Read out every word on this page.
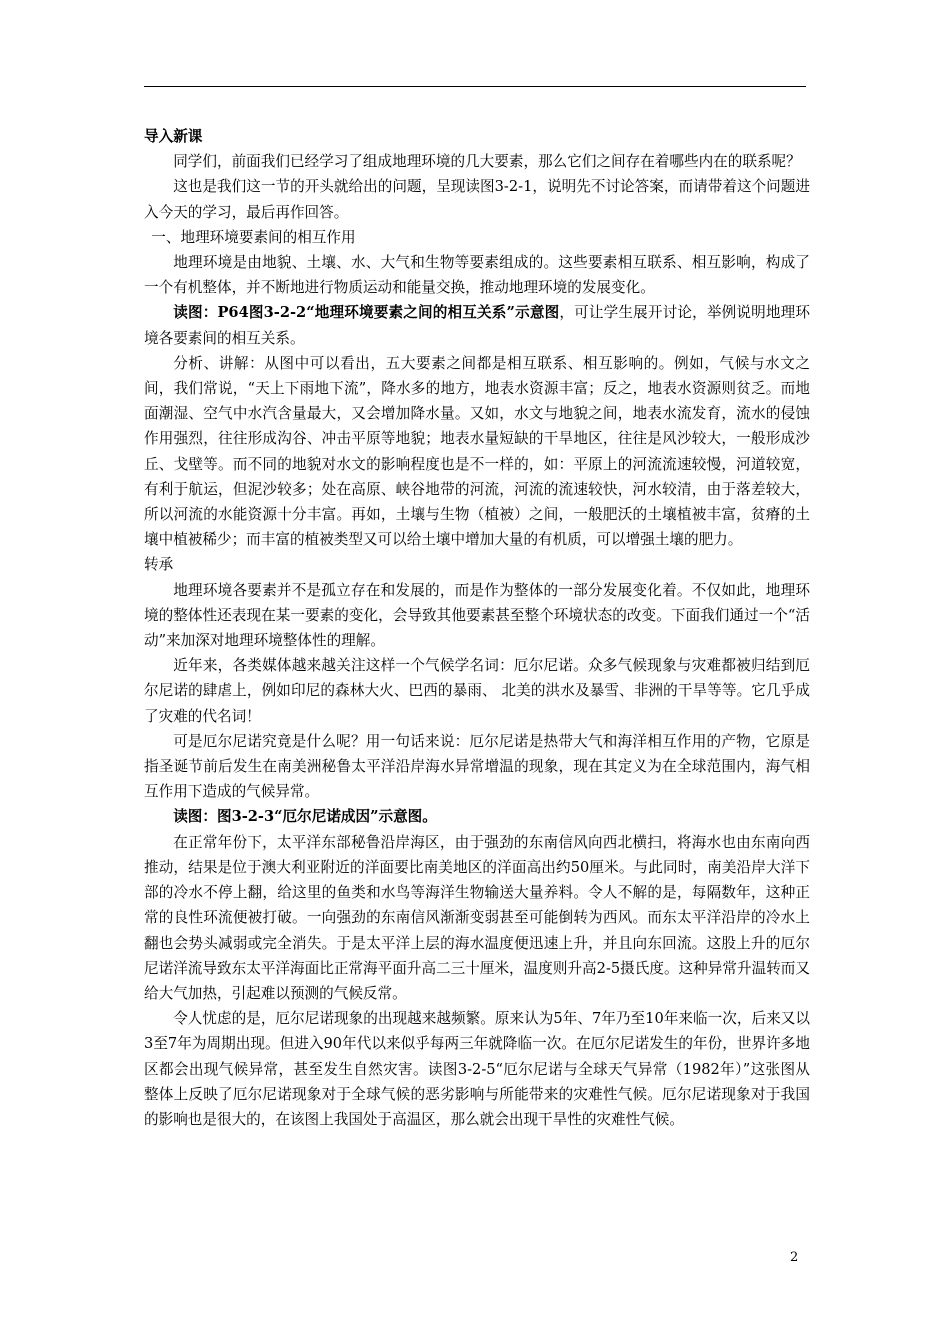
导入新课

同学们，前面我们已经学习了组成地理环境的几大要素，那么它们之间存在着哪些内在的联系呢？

这也是我们这一节的开头就给出的问题，呈现读图3-2-1，说明先不讨论答案，而请带着这个问题进入今天的学习，最后再作回答。

一、地理环境要素间的相互作用

地理环境是由地貌、土壤、水、大气和生物等要素组成的。这些要素相互联系、相互影响，构成了一个有机整体，并不断地进行物质运动和能量交换，推动地理环境的发展变化。

读图：P64图3-2-2“地理环境要素之间的相互关系”示意图，可让学生展开讨论，举例说明地理环境各要素间的相互关系。

分析、讲解：从图中可以看出，五大要素之间都是相互联系、相互影响的。例如，气候与水文之间，我们常说，“天上下雨地下流”，降水多的地方，地表水资源丰富；反之，地表水资源则贫乏。而地面潮湿、空气中水汽含量最大，又会增加降水量。又如，水文与地貌之间，地表水流发育，流水的侵蚀作用强烈，往往形成沟谷、冲击平原等地貌；地表水量短缺的干旱地区，往往是风沙较大，一般形成沙丘、戈壁等。而不同的地貌对水文的影响程度也是不一样的，如：平原上的河流流速较慢，河道较宽，有利于航运，但泥沙较多；处在高原、峡谷地带的河流，河流的流速较快，河水较清，由于落差较大，所以河流的水能资源十分丰富。再如，土壤与生物（植被）之间，一般肥沃的土壤植被丰富，贫瘠的土壤中植被稀少；而丰富的植被类型又可以给土壤中增加大量的有机质，可以增强土壤的肥力。

转承

地理环境各要素并不是孤立存在和发展的，而是作为整体的一部分发展变化着。不仅如此，地理环境的整体性还表现在某一要素的变化，会导致其他要素甚至整个环境状态的改变。下面我们通过一个“活动”来加深对地理环境整体性的理解。

近年来，各类媒体越来越关注这样一个气候学名词：厄尔尼诺。众多气候现象与灾难都被归结到厄尔尼诺的肆虐上，例如印尼的森林大火、巴西的暴雨、 北美的洪水及暴雪、非洲的干旱等等。它几乎成了灾难的代名词！

可是厄尔尼诺究竟是什么呢？用一句话来说：厄尔尼诺是热带大气和海洋相互作用的产物，它原是指圣诞节前后发生在南美洲秘鲁太平洋沿岸海水异常增温的现象，现在其定义为在全球范围内，海气相互作用下造成的气候异常。

读图：图3-2-3“厄尔尼诺成因”示意图。

在正常年份下，太平洋东部秘鲁沿岸海区，由于强劲的东南信风向西北横扫，将海水也由东南向西推动，结果是位于澳大利亚附近的洋面要比南美地区的洋面高出约50厘米。与此同时，南美沿岸大洋下部的冷水不停上翻，给这里的鱼类和水鸟等海洋生物输送大量养料。令人不解的是，每隔数年，这种正常的良性环流便被打破。一向强劲的东南信风渐渐变弱甚至可能倒转为西风。而东太平洋沿岸的冷水上翻也会势头减弱或完全消失。于是太平洋上层的海水温度便迅速上升，并且向东回流。这股上升的厄尔尼诺洋流导致东太平洋海面比正常海平面升高二三十厘米，温度则升高2-5摄氏度。这种异常升温转而又给大气加热，引起难以预测的气候反常。

令人忧虑的是，厄尔尼诺现象的出现越来越频繁。原来认为5年、7年乃至10年来临一次，后来又以3至7年为周期出现。但进入90年代以来似乎每两三年就降临一次。在厄尔尼诺发生的年份，世界许多地区都会出现气候异常，甚至发生自然灾害。读图3-2-5“厄尔尼诺与全球天气异常（1982年）”这张图从整体上反映了厄尔尼诺现象对于全球气候的恶劣影响与所能带来的灾难性气候。厄尔尼诺现象对于我国的影响也是很大的，在该图上我国处于高温区，那么就会出现干旱性的灾难性气候。

2
